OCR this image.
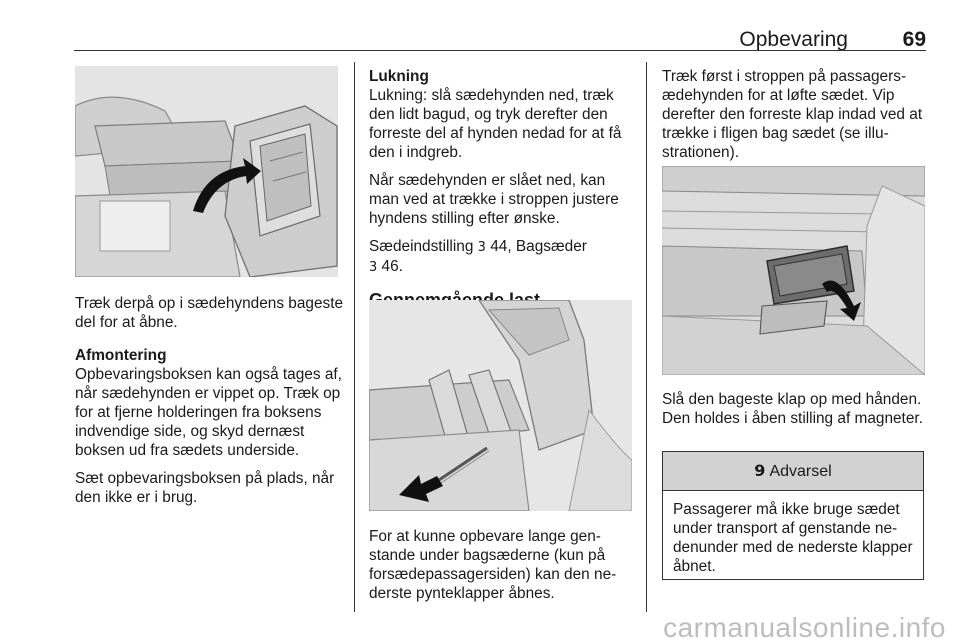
Opbevaring	69

Træk derpå op i sædehyndens bageste del for at åbne.

Afmontering

Opbevaringsboksen kan også tages af, når sædehynden er vippet op. Træk op for at fjerne holderingen fra boksens indvendige side, og skyd dernæst boksen ud fra sædets underside.

Sæt opbevaringsboksen på plads, når den ikke er i brug.

Lukning

Lukning: slå sædehynden ned, træk den lidt bagud, og tryk derefter den forreste del af hynden nedad for at få den i indgreb.

Når sædehynden er slået ned, kan man ved at trække i stroppen justere hyndens stilling efter ønske.

Sædeindstilling 3 44, Bagsæder
3 46.

For at kunne opbevare lange genstande under bagsæderne (kun på forsædepassagersiden) kan den nederste pynteklapper åbnes.

Træk først i stroppen på passagersædehynden for at løfte sædet. Vip derefter den forreste klap indad ved at trække i fligen bag sædet (se illustrationen).

Slå den bageste klap op med hånden. Den holdes i åben stilling af magneter.

9 Advarsel
Passagerer må ikke bruge sædet under transport af genstande nedenunder med de nederste klapper åbnet.
carmanualsonline.info
